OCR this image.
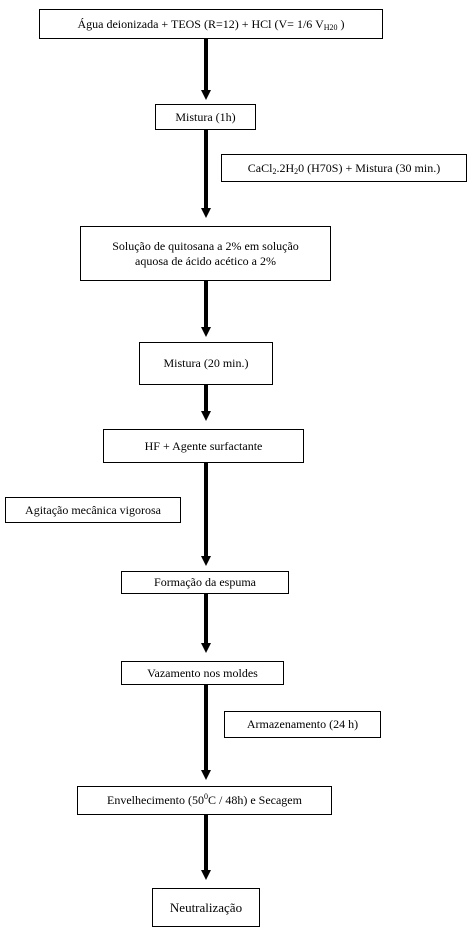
Água deionizada + TEOS (R=12) + HCl (V= 1/6 $V_{H20}$ )
Mistura (1h)
$CaCl_2.2H_20$ (H70S) + Mistura (30 min.)
Solução de quitosana a 2% em solução
aquosa de ácido acético a 2%
Mistura (20 min.)
HF + Agente surfactante
Agitação mecânica vigorosa
Formação da espuma
Vazamento nos moldes
Armazenamento (24 h)
Envelhecimento $(50^0C / 48h)$ e Secagem
Neutralização
